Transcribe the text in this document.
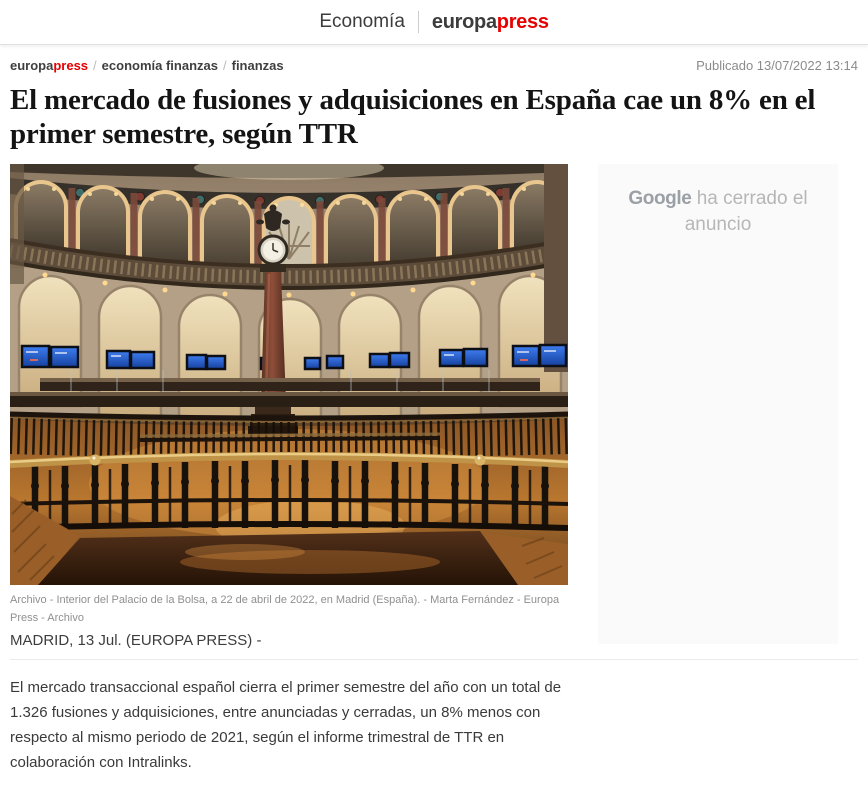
Economía europapress
europapress / economía finanzas / finanzas	Publicado 13/07/2022 13:14
El mercado de fusiones y adquisiciones en España cae un 8% en el primer semestre, según TTR
Archivo - Interior del Palacio de la Bolsa, a 22 de abril de 2022, en Madrid (España). - Marta Fernández - Europa Press - Archivo
MADRID, 13 Jul. (EUROPA PRESS) -
Google ha cerrado el anuncio

El mercado transaccional español cierra el primer semestre del año con un total de 1.326 fusiones y adquisiciones, entre anunciadas y cerradas, un 8% menos con respecto al mismo periodo de 2021, según el informe trimestral de TTR en colaboración con Intralinks.
